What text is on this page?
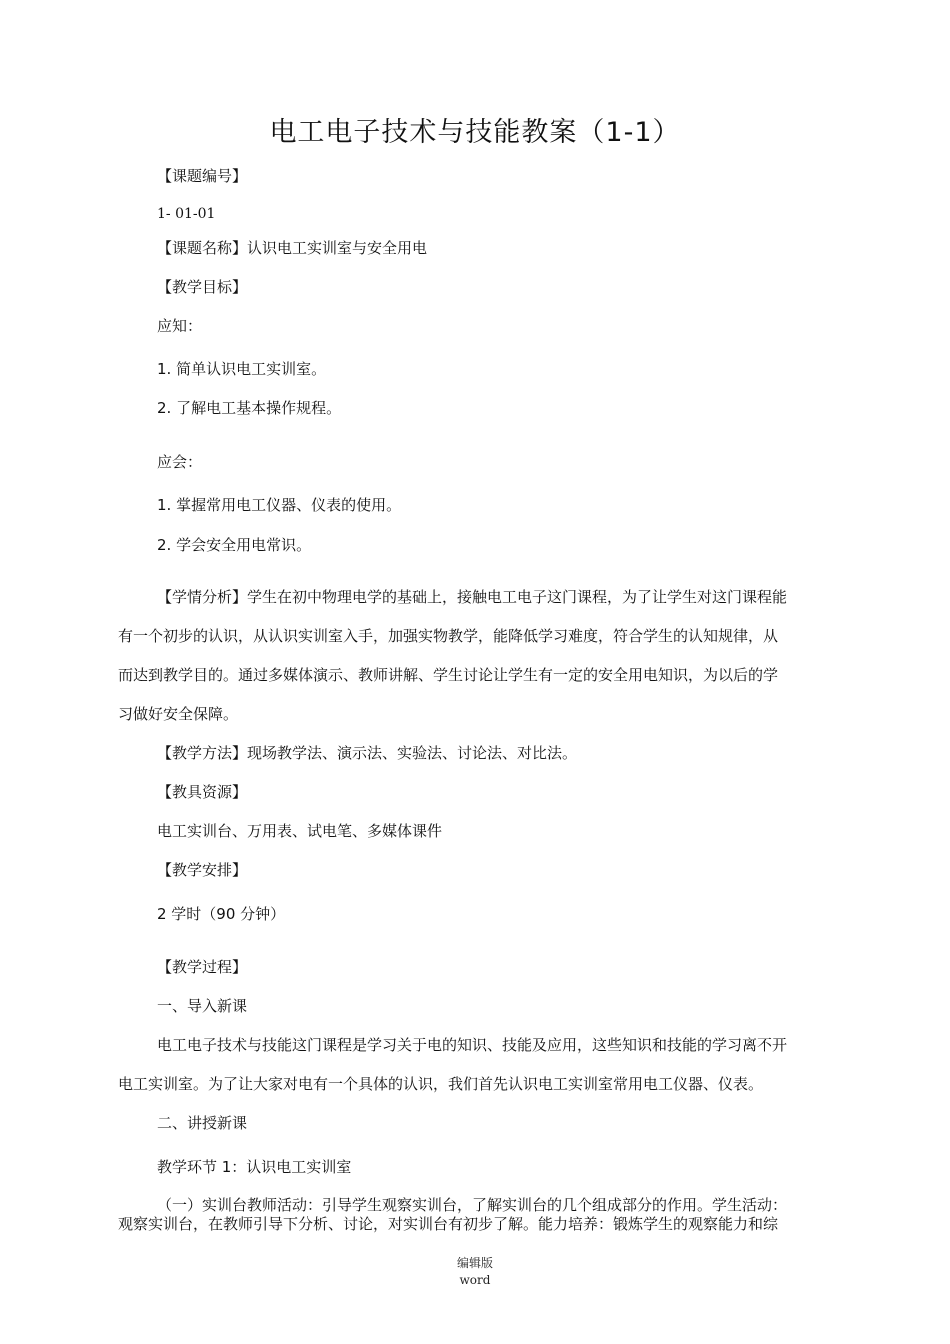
电工电子技术与技能教案（1-1）
【课题编号】
1- 01-01
【课题名称】认识电工实训室与安全用电
【教学目标】
应知：
1. 简单认识电工实训室。
2. 了解电工基本操作规程。
应会：
1. 掌握常用电工仪器、仪表的使用。
2. 学会安全用电常识。
【学情分析】学生在初中物理电学的基础上，接触电工电子这门课程，为了让学生对这门课程能
有一个初步的认识，从认识实训室入手，加强实物教学，能降低学习难度，符合学生的认知规律，从
而达到教学目的。通过多媒体演示、教师讲解、学生讨论让学生有一定的安全用电知识，为以后的学
习做好安全保障。
【教学方法】现场教学法、演示法、实验法、讨论法、对比法。
【教具资源】
电工实训台、万用表、试电笔、多媒体课件
【教学安排】
2 学时（90 分钟）
【教学过程】
一、导入新课
电工电子技术与技能这门课程是学习关于电的知识、技能及应用，这些知识和技能的学习离不开
电工实训室。为了让大家对电有一个具体的认识，我们首先认识电工实训室常用电工仪器、仪表。
二、讲授新课
教学环节 1：认识电工实训室
（一）实训台教师活动：引导学生观察实训台，了解实训台的几个组成部分的作用。学生活动：
观察实训台，在教师引导下分析、讨论，对实训台有初步了解。能力培养：锻炼学生的观察能力和综
编辑版
word
